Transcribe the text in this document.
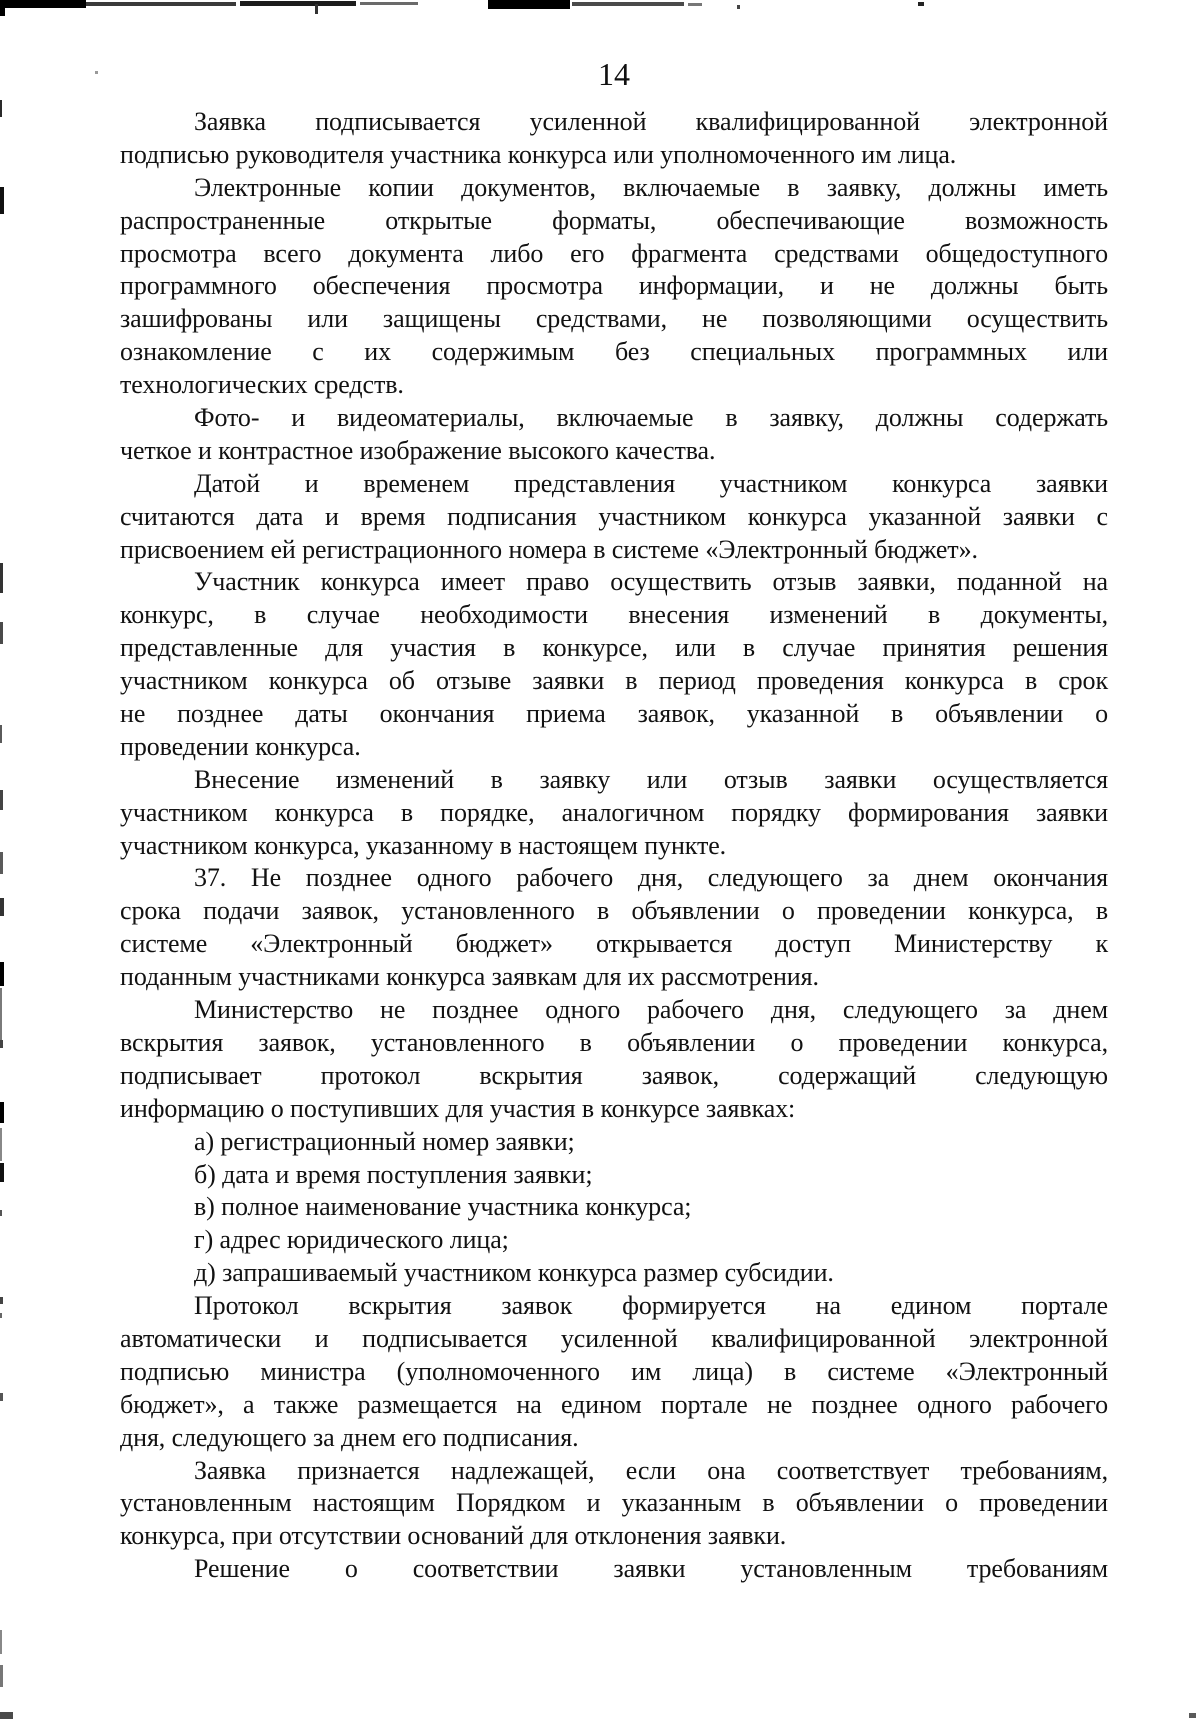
14
Заявка подписывается усиленной квалифицированной электронной
подписью руководителя участника конкурса или уполномоченного им лица.
Электронные копии документов, включаемые в заявку, должны иметь
распространенные открытые форматы, обеспечивающие возможность
просмотра всего документа либо его фрагмента средствами общедоступного
программного обеспечения просмотра информации, и не должны быть
зашифрованы или защищены средствами, не позволяющими осуществить
ознакомление с их содержимым без специальных программных или
технологических средств.
Фото- и видеоматериалы, включаемые в заявку, должны содержать
четкое и контрастное изображение высокого качества.
Датой и временем представления участником конкурса заявки
считаются дата и время подписания участником конкурса указанной заявки с
присвоением ей регистрационного номера в системе «Электронный бюджет».
Участник конкурса имеет право осуществить отзыв заявки, поданной на
конкурс, в случае необходимости внесения изменений в документы,
представленные для участия в конкурсе, или в случае принятия решения
участником конкурса об отзыве заявки в период проведения конкурса в срок
не позднее даты окончания приема заявок, указанной в объявлении о
проведении конкурса.
Внесение изменений в заявку или отзыв заявки осуществляется
участником конкурса в порядке, аналогичном порядку формирования заявки
участником конкурса, указанному в настоящем пункте.
37. Не позднее одного рабочего дня, следующего за днем окончания
срока подачи заявок, установленного в объявлении о проведении конкурса, в
системе «Электронный бюджет» открывается доступ Министерству к
поданным участниками конкурса заявкам для их рассмотрения.
Министерство не позднее одного рабочего дня, следующего за днем
вскрытия заявок, установленного в объявлении о проведении конкурса,
подписывает протокол вскрытия заявок, содержащий следующую
информацию о поступивших для участия в конкурсе заявках:
а) регистрационный номер заявки;
б) дата и время поступления заявки;
в) полное наименование участника конкурса;
г) адрес юридического лица;
д) запрашиваемый участником конкурса размер субсидии.
Протокол вскрытия заявок формируется на едином портале
автоматически и подписывается усиленной квалифицированной электронной
подписью министра (уполномоченного им лица) в системе «Электронный
бюджет», а также размещается на едином портале не позднее одного рабочего
дня, следующего за днем его подписания.
Заявка признается надлежащей, если она соответствует требованиям,
установленным настоящим Порядком и указанным в объявлении о проведении
конкурса, при отсутствии оснований для отклонения заявки.
Решение о соответствии заявки установленным требованиям
